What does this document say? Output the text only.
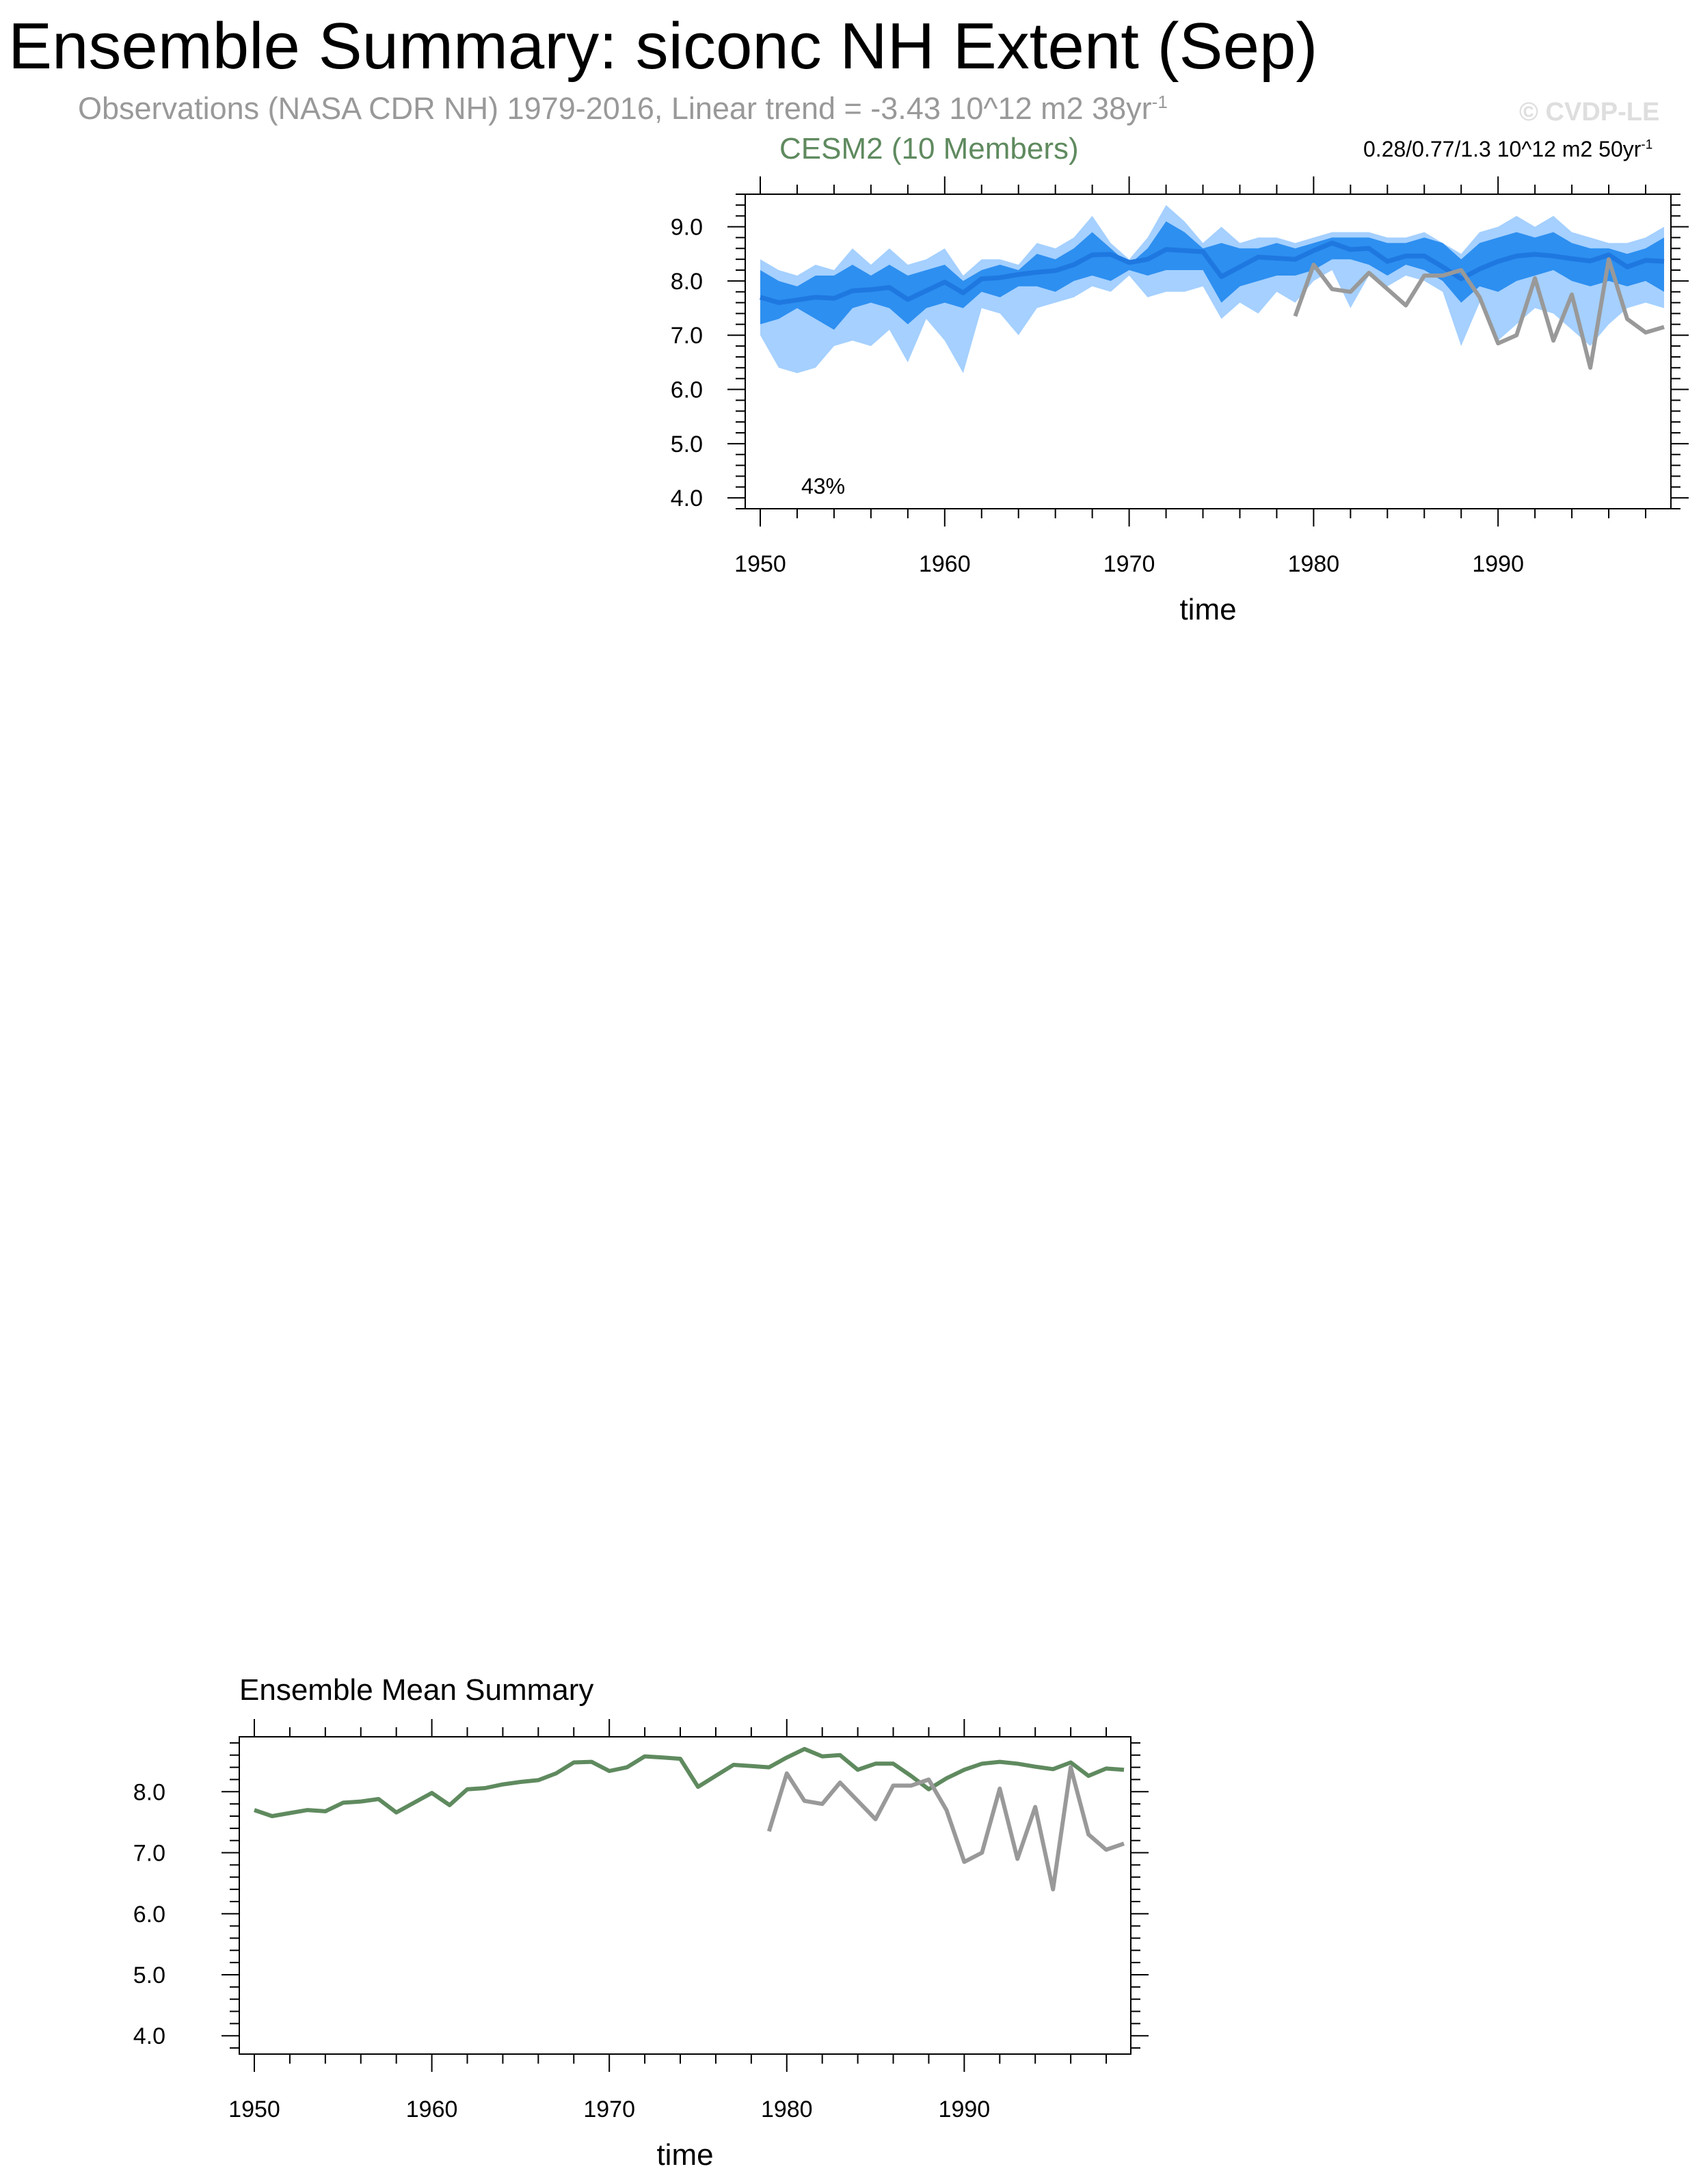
Ensemble Summary: siconc NH Extent (Sep)
Observations (NASA CDR NH) 1979-2016, Linear trend = -3.43 10^12 m2 $38yr^{-1}$	© CVDP-LE
CESM2 (10 Members)	0.28/0.77/1.3 10^12 m2 $50yr^{-1}$
Ensemble Mean Summary
1950	1960	1970	1980	1990
4.0
5.0
6.0
7.0
8.0
9.0
time
43%
1950	1960	1970	1980	1990
4.0
5.0
6.0
7.0
8.0
time
